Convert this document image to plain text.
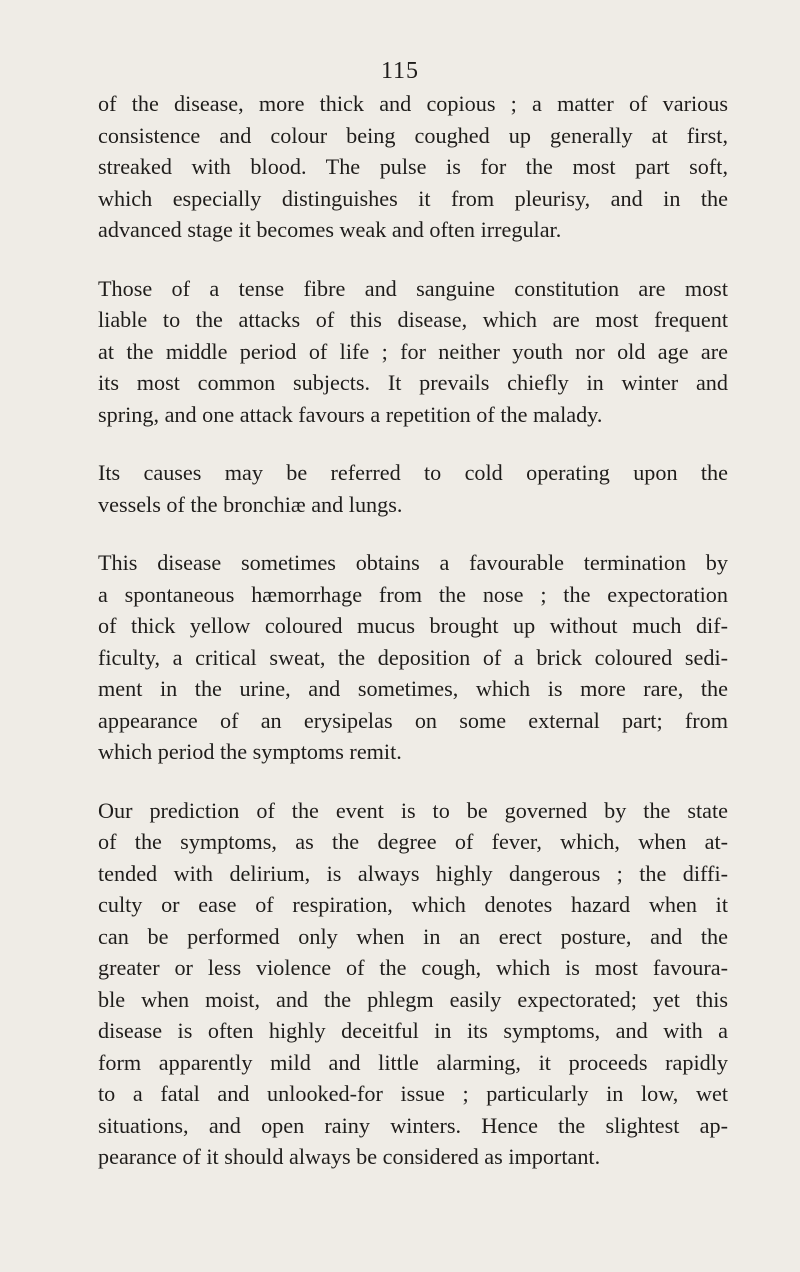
115
of the disease, more thick and copious ; a matter of various
consistence and colour being coughed up generally at first,
streaked with blood. The pulse is for the most part soft,
which especially distinguishes it from pleurisy, and in the
advanced stage it becomes weak and often irregular.
Those of a tense fibre and sanguine constitution are most
liable to the attacks of this disease, which are most frequent
at the middle period of life ; for neither youth nor old age are
its most common subjects. It prevails chiefly in winter and
spring, and one attack favours a repetition of the malady.
Its causes may be referred to cold operating upon the
vessels of the bronchiæ and lungs.
This disease sometimes obtains a favourable termination by
a spontaneous hæmorrhage from the nose ; the expectoration
of thick yellow coloured mucus brought up without much dif-
ficulty, a critical sweat, the deposition of a brick coloured sedi-
ment in the urine, and sometimes, which is more rare, the
appearance of an erysipelas on some external part; from
which period the symptoms remit.
Our prediction of the event is to be governed by the state
of the symptoms, as the degree of fever, which, when at-
tended with delirium, is always highly dangerous ; the diffi-
culty or ease of respiration, which denotes hazard when it
can be performed only when in an erect posture, and the
greater or less violence of the cough, which is most favoura-
ble when moist, and the phlegm easily expectorated; yet this
disease is often highly deceitful in its symptoms, and with a
form apparently mild and little alarming, it proceeds rapidly
to a fatal and unlooked-for issue ; particularly in low, wet
situations, and open rainy winters. Hence the slightest ap-
pearance of it should always be considered as important.
